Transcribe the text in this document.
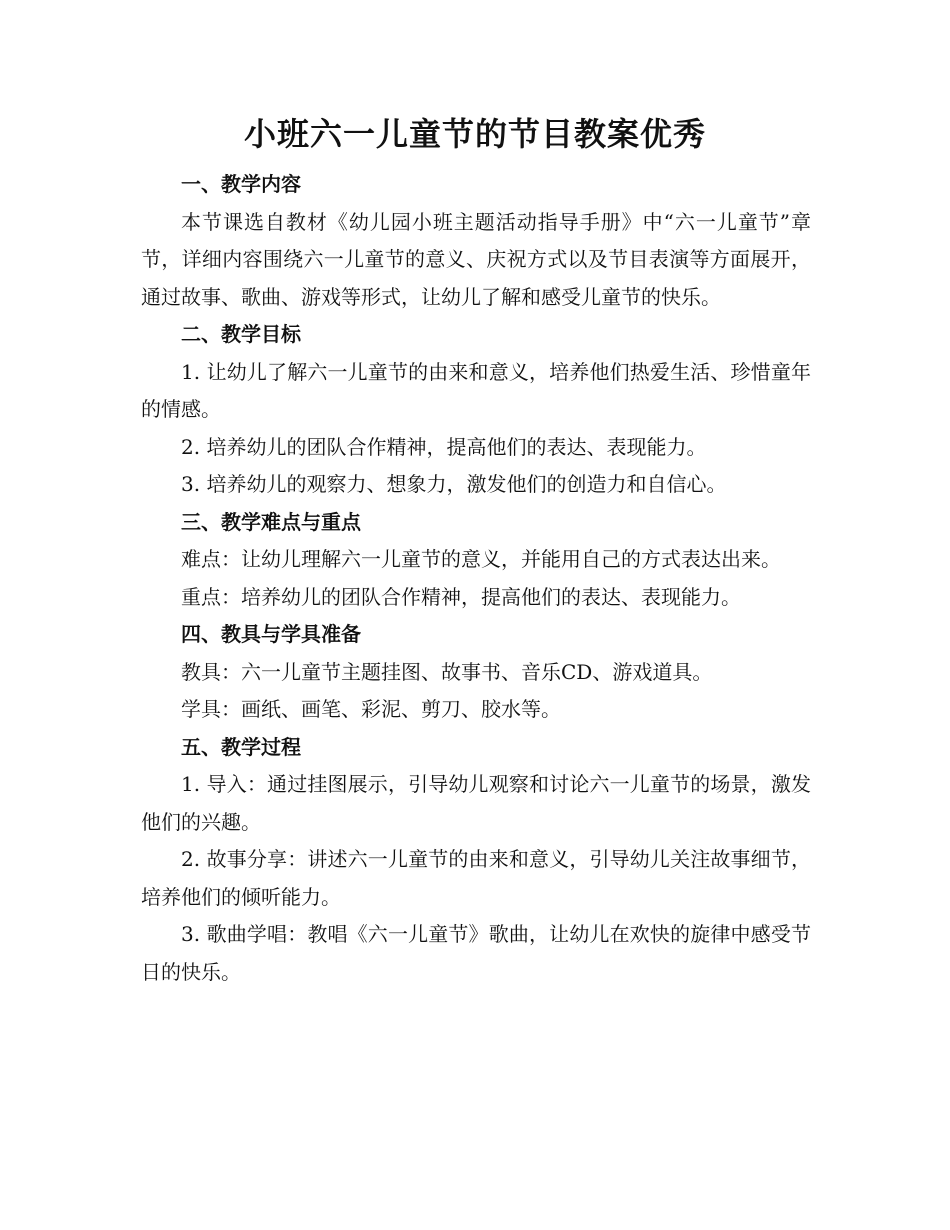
小班六一儿童节的节目教案优秀

一、教学内容

本节课选自教材《幼儿园小班主题活动指导手册》中“六一儿童节”章节，详细内容围绕六一儿童节的意义、庆祝方式以及节目表演等方面展开，通过故事、歌曲、游戏等形式，让幼儿了解和感受儿童节的快乐。

二、教学目标

1. 让幼儿了解六一儿童节的由来和意义，培养他们热爱生活、珍惜童年的情感。

2. 培养幼儿的团队合作精神，提高他们的表达、表现能力。

3. 培养幼儿的观察力、想象力，激发他们的创造力和自信心。

三、教学难点与重点

难点：让幼儿理解六一儿童节的意义，并能用自己的方式表达出来。

重点：培养幼儿的团队合作精神，提高他们的表达、表现能力。

四、教具与学具准备

教具：六一儿童节主题挂图、故事书、音乐CD、游戏道具。

学具：画纸、画笔、彩泥、剪刀、胶水等。

五、教学过程

1. 导入：通过挂图展示，引导幼儿观察和讨论六一儿童节的场景，激发他们的兴趣。

2. 故事分享：讲述六一儿童节的由来和意义，引导幼儿关注故事细节，培养他们的倾听能力。

3. 歌曲学唱：教唱《六一儿童节》歌曲，让幼儿在欢快的旋律中感受节日的快乐。
